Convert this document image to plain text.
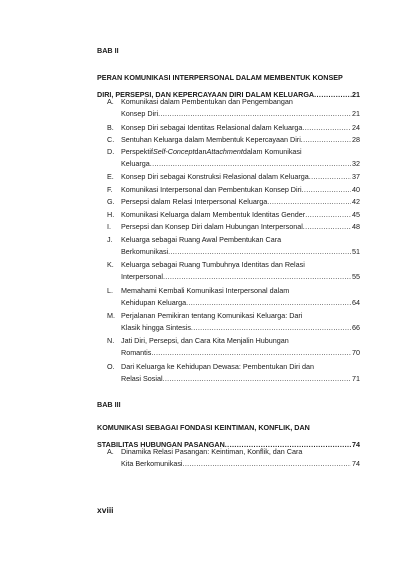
BAB II
PERAN KOMUNIKASI INTERPERSONAL DALAM MEMBENTUK KONSEP
DIRI, PERSEPSI, DAN KEPERCAYAAN DIRI DALAM KELUARGA .....	21
A. Komunikasi dalam Pembentukan dan Pengembangan
Konsep Diri .....	21
B. Konsep Diri sebagai Identitas Relasional dalam Keluarga .....	24
C. Sentuhan Keluarga dalam Membentuk Kepercayaan Diri .....	28
D. Perspektif Self-Concept dan Attachment dalam Komunikasi
Keluarga .....	32
E. Konsep Diri sebagai Konstruksi Relasional dalam Keluarga .....	37
F. Komunikasi Interpersonal dan Pembentukan Konsep Diri .....	40
G. Persepsi dalam Relasi Interpersonal Keluarga .....	42
H. Komunikasi Keluarga dalam Membentuk Identitas Gender .....	45
I. Persepsi dan Konsep Diri dalam Hubungan Interpersonal .....	48
J. Keluarga sebagai Ruang Awal Pembentukan Cara
Berkomunikasi .....	51
K. Keluarga sebagai Ruang Tumbuhnya Identitas dan Relasi
Interpersonal .....	55
L. Memahami Kembali Komunikasi Interpersonal dalam
Kehidupan Keluarga .....	64
M. Perjalanan Pemikiran tentang Komunikasi Keluarga: Dari
Klasik hingga Sintesis .....	66
N. Jati Diri, Persepsi, dan Cara Kita Menjalin Hubungan
Romantis .....	70
O. Dari Keluarga ke Kehidupan Dewasa: Pembentukan Diri dan
Relasi Sosial .....	71
BAB III
KOMUNIKASI SEBAGAI FONDASI KEINTIMAN, KONFLIK, DAN
STABILITAS HUBUNGAN PASANGAN .....	74
A. Dinamika Relasi Pasangan: Keintiman, Konflik, dan Cara
Kita Berkomunikasi .....	74
xviii
